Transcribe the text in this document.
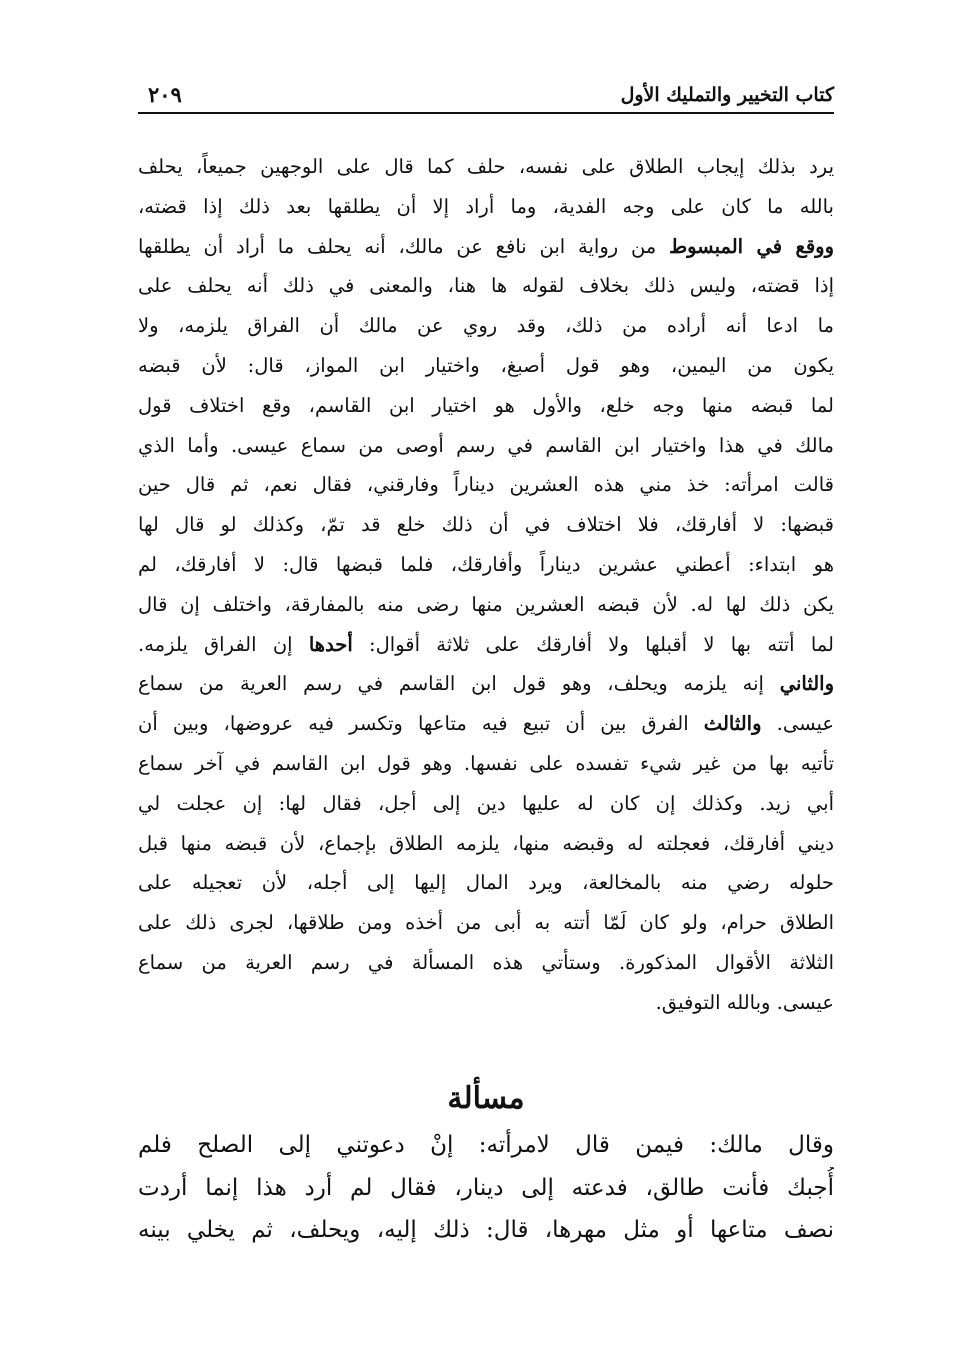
كتاب التخيير والتمليك الأول
٢٠٩
يرد بذلك إيجاب الطلاق على نفسه، حلف كما قال على الوجهين جميعاً، يحلف
بالله ما كان على وجه الفدية، وما أراد إلا أن يطلقها بعد ذلك إذا قضته،
ووقع في المبسوط من رواية ابن نافع عن مالك، أنه يحلف ما أراد أن يطلقها
إذا قضته، وليس ذلك بخلاف لقوله ها هنا، والمعنى في ذلك أنه يحلف على
ما ادعا أنه أراده من ذلك، وقد روي عن مالك أن الفراق يلزمه، ولا
يكون من اليمين، وهو قول أصبغ، واختيار ابن المواز، قال: لأن قبضه
لما قبضه منها وجه خلع، والأول هو اختيار ابن القاسم، وقع اختلاف قول
مالك في هذا واختيار ابن القاسم في رسم أوصى من سماع عيسى. وأما الذي
قالت امرأته: خذ مني هذه العشرين ديناراً وفارقني، فقال نعم، ثم قال حين
قبضها: لا أفارقك، فلا اختلاف في أن ذلك خلع قد تمّ، وكذلك لو قال لها
هو ابتداء: أعطني عشرين ديناراً وأفارقك، فلما قبضها قال: لا أفارقك، لم
يكن ذلك لها له. لأن قبضه العشرين منها رضى منه بالمفارقة، واختلف إن قال
لما أتته بها لا أقبلها ولا أفارقك على ثلاثة أقوال: أحدها إن الفراق يلزمه.
والثاني إنه يلزمه ويحلف، وهو قول ابن القاسم في رسم العرية من سماع
عيسى. والثالث الفرق بين أن تبيع فيه متاعها وتكسر فيه عروضها، وبين أن
تأتيه بها من غير شيء تفسده على نفسها. وهو قول ابن القاسم في آخر سماع
أبي زيد. وكذلك إن كان له عليها دين إلى أجل، فقال لها: إن عجلت لي
ديني أفارقك، فعجلته له وقبضه منها، يلزمه الطلاق بإجماع، لأن قبضه منها قبل
حلوله رضي منه بالمخالعة، ويرد المال إليها إلى أجله، لأن تعجيله على
الطلاق حرام، ولو كان لَمّا أتته به أبى من أخذه ومن طلاقها، لجرى ذلك على
الثلاثة الأقوال المذكورة. وستأتي هذه المسألة في رسم العرية من سماع
عيسى. وبالله التوفيق.
مسألة
وقال مالك: فيمن قال لامرأته: إنْ دعوتني إلى الصلح فلم
أُجبك فأنت طالق، فدعته إلى دينار، فقال لم أرد هذا إنما أردت
نصف متاعها أو مثل مهرها، قال: ذلك إليه، ويحلف، ثم يخلي بينه
